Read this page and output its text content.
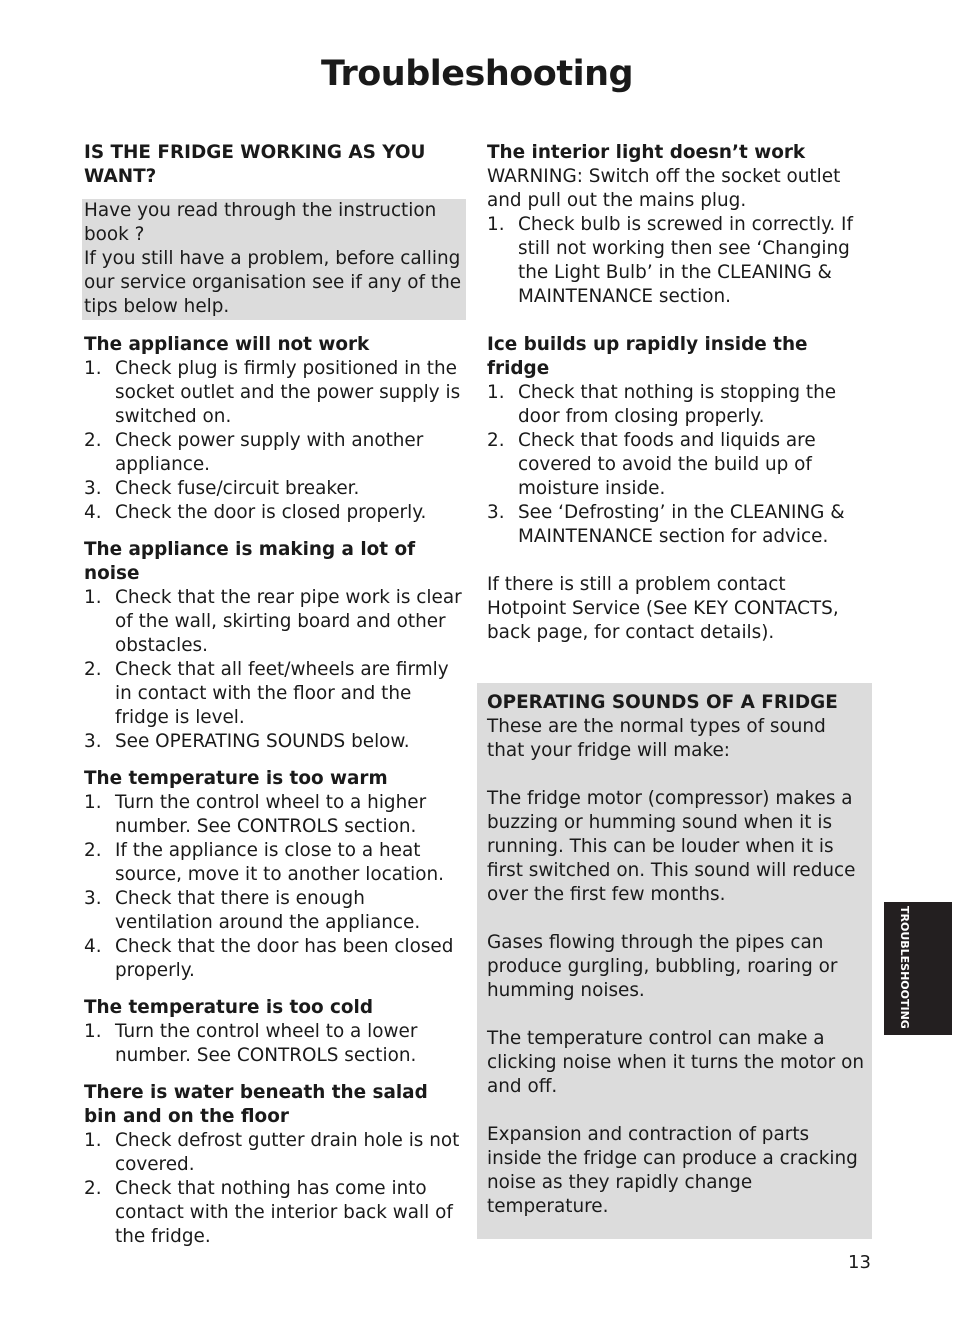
Troubleshooting
IS THE FRIDGE WORKING AS YOU WANT?

Have you read through the instruction book ?

If you still have a problem, before calling our service organisation see if any of the tips below help.

The appliance will not work
1. Check plug is firmly positioned in the socket outlet and the power supply is switched on.
2. Check power supply with another appliance.
3. Check fuse/circuit breaker.
4. Check the door is closed properly.
The appliance is making a lot of noise
1. Check that the rear pipe work is clear of the wall, skirting board and other obstacles.
2. Check that all feet/wheels are firmly in contact with the floor and the fridge is level.
3. See OPERATING SOUNDS below.
The temperature is too warm
1. Turn the control wheel to a higher number. See CONTROLS section.
2. If the appliance is close to a heat source, move it to another location.
3. Check that there is enough ventilation around the appliance.
4. Check that the door has been closed properly.
The temperature is too cold
1. Turn the control wheel to a lower number. See CONTROLS section.
There is water beneath the salad bin and on the floor
1. Check defrost gutter drain hole is not covered.
2. Check that nothing has come into contact with the interior back wall of the fridge.
The interior light doesn’t work

WARNING: Switch off the socket outlet and pull out the mains plug.

1. Check bulb is screwed in correctly. If still not working then see ‘Changing the Light Bulb’ in the CLEANING & MAINTENANCE section.
Ice builds up rapidly inside the fridge
1. Check that nothing is stopping the door from closing properly.
2. Check that foods and liquids are covered to avoid the build up of moisture inside.
3. See ‘Defrosting’ in the CLEANING & MAINTENANCE section for advice.

If there is still a problem contact Hotpoint Service (See KEY CONTACTS, back page, for contact details).

OPERATING SOUNDS OF A FRIDGE

These are the normal types of sound that your fridge will make:

The fridge motor (compressor) makes a buzzing or humming sound when it is running. This can be louder when it is first switched on. This sound will reduce over the first few months.

Gases flowing through the pipes can produce gurgling, bubbling, roaring or humming noises.

The temperature control can make a clicking noise when it turns the motor on and off.

Expansion and contraction of parts inside the fridge can produce a cracking noise as they rapidly change temperature.

TROUBLESHOOTING
13
